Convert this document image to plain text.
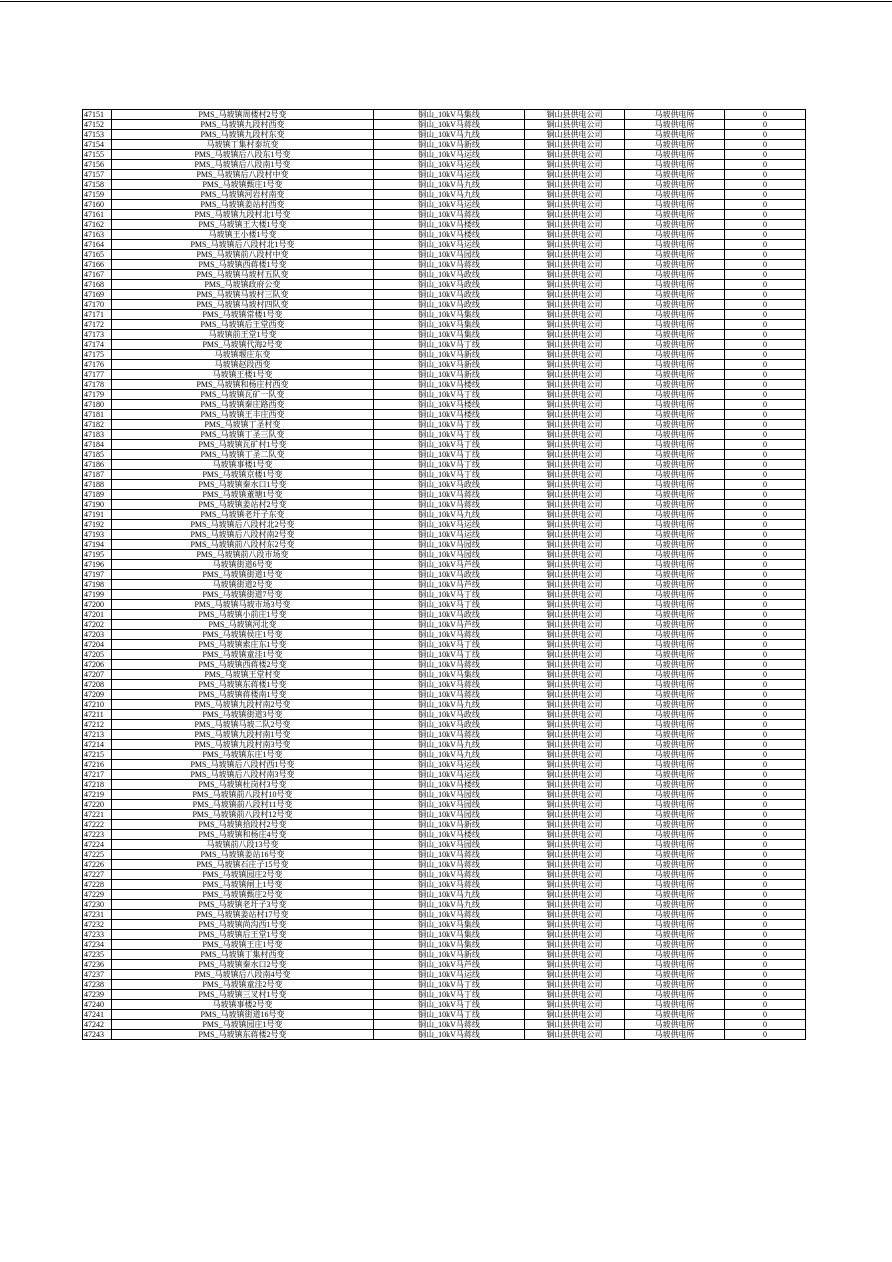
47151	PMS_马坡镇周楼村2号变	铜山_10kV马集线	铜山县供电公司	马坡供电所	0
47152	PMS_马坡镇九段村西变	铜山_10kV马蒋线	铜山县供电公司	马坡供电所	0
47153	PMS_马坡镇九段村东变	铜山_10kV马九线	铜山县供电公司	马坡供电所	0
47154	马坡镇丁集村泰坑变	铜山_10kV马新线	铜山县供电公司	马坡供电所	0
47155	PMS_马坡镇后八段东1号变	铜山_10kV马运线	铜山县供电公司	马坡供电所	0
47156	PMS_马坡镇后八段南1号变	铜山_10kV马运线	铜山县供电公司	马坡供电所	0
47157	PMS_马坡镇后八段村中变	铜山_10kV马运线	铜山县供电公司	马坡供电所	0
47158	PMS_马坡镇甄庄1号变	铜山_10kV马九线	铜山县供电公司	马坡供电所	0
47159	PMS_马坡镇河岩村南变	铜山_10kV马九线	铜山县供电公司	马坡供电所	0
47160	PMS_马坡镇姜站村西变	铜山_10kV马运线	铜山县供电公司	马坡供电所	0
47161	PMS_马坡镇九段村北1号变	铜山_10kV马蒋线	铜山县供电公司	马坡供电所	0
47162	PMS_马坡镇王大楼1号变	铜山_10kV马楼线	铜山县供电公司	马坡供电所	0
47163	马坡镇王小楼1号变	铜山_10kV马楼线	铜山县供电公司	马坡供电所	0
47164	PMS_马坡镇后八段村北1号变	铜山_10kV马运线	铜山县供电公司	马坡供电所	0
47165	PMS_马坡镇前八段村中变	铜山_10kV马园线	铜山县供电公司	马坡供电所	0
47166	PMS_马坡镇西蒋楼1号变	铜山_10kV马蒋线	铜山县供电公司	马坡供电所	0
47167	PMS_马坡镇马坡村五队变	铜山_10kV马政线	铜山县供电公司	马坡供电所	0
47168	PMS_马坡镇政府公变	铜山_10kV马政线	铜山县供电公司	马坡供电所	0
47169	PMS_马坡镇马坡村三队变	铜山_10kV马政线	铜山县供电公司	马坡供电所	0
47170	PMS_马坡镇马坡村四队变	铜山_10kV马政线	铜山县供电公司	马坡供电所	0
47171	PMS_马坡镇常楼1号变	铜山_10kV马集线	铜山县供电公司	马坡供电所	0
47172	PMS_马坡镇后王堂西变	铜山_10kV马集线	铜山县供电公司	马坡供电所	0
47173	马坡镇前王堂1号变	铜山_10kV马集线	铜山县供电公司	马坡供电所	0
47174	PMS_马坡镇代海2号变	铜山_10kV马丁线	铜山县供电公司	马坡供电所	0
47175	马坡镇堰庄东变	铜山_10kV马新线	铜山县供电公司	马坡供电所	0
47176	马坡镇赵段西变	铜山_10kV马新线	铜山县供电公司	马坡供电所	0
47177	马坡镇王楼1号变	铜山_10kV马新线	铜山县供电公司	马坡供电所	0
47178	PMS_马坡镇和杨庄村西变	铜山_10kV马楼线	铜山县供电公司	马坡供电所	0
47179	PMS_马坡镇瓦矿一队变	铜山_10kV马丁线	铜山县供电公司	马坡供电所	0
47180	PMS_马坡镇秦庄路西变	铜山_10kV马楼线	铜山县供电公司	马坡供电所	0
47181	PMS_马坡镇王丰庄西变	铜山_10kV马楼线	铜山县供电公司	马坡供电所	0
47182	PMS_马坡镇丁圣村变	铜山_10kV马丁线	铜山县供电公司	马坡供电所	0
47183	PMS_马坡镇丁圣三队变	铜山_10kV马丁线	铜山县供电公司	马坡供电所	0
47184	PMS_马坡镇瓦矿村1号变	铜山_10kV马丁线	铜山县供电公司	马坡供电所	0
47185	PMS_马坡镇丁圣二队变	铜山_10kV马丁线	铜山县供电公司	马坡供电所	0
47186	马坡镇事楼1号变	铜山_10kV马丁线	铜山县供电公司	马坡供电所	0
47187	PMS_马坡镇京楼1号变	铜山_10kV马丁线	铜山县供电公司	马坡供电所	0
47188	PMS_马坡镇秦水口1号变	铜山_10kV马政线	铜山县供电公司	马坡供电所	0
47189	PMS_马坡镇董塘1号变	铜山_10kV马蒋线	铜山县供电公司	马坡供电所	0
47190	PMS_马坡镇姜站村2号变	铜山_10kV马蒋线	铜山县供电公司	马坡供电所	0
47191	PMS_马坡镇老圩子东变	铜山_10kV马九线	铜山县供电公司	马坡供电所	0
47192	PMS_马坡镇后八段村北2号变	铜山_10kV马运线	铜山县供电公司	马坡供电所	0
47193	PMS_马坡镇后八段村南2号变	铜山_10kV马运线	铜山县供电公司	马坡供电所	0
47194	PMS_马坡镇前八段村东2号变	铜山_10kV马园线	铜山县供电公司	马坡供电所	0
47195	PMS_马坡镇前八段市场变	铜山_10kV马园线	铜山县供电公司	马坡供电所	0
47196	马坡镇街道6号变	铜山_10kV马芦线	铜山县供电公司	马坡供电所	0
47197	PMS_马坡镇街道1号变	铜山_10kV马政线	铜山县供电公司	马坡供电所	0
47198	马坡镇街道2号变	铜山_10kV马芦线	铜山县供电公司	马坡供电所	0
47199	PMS_马坡镇街道7号变	铜山_10kV马丁线	铜山县供电公司	马坡供电所	0
47200	PMS_马坡镇马坡市场3号变	铜山_10kV马丁线	铜山县供电公司	马坡供电所	0
47201	PMS_马坡镇小前庄1号变	铜山_10kV马政线	铜山县供电公司	马坡供电所	0
47202	PMS_马坡镇河北变	铜山_10kV马芦线	铜山县供电公司	马坡供电所	0
47203	PMS_马坡镇侯庄1号变	铜山_10kV马蒋线	铜山县供电公司	马坡供电所	0
47204	PMS_马坡镇索庄东1号变	铜山_10kV马丁线	铜山县供电公司	马坡供电所	0
47205	PMS_马坡镇童洼1号变	铜山_10kV马丁线	铜山县供电公司	马坡供电所	0
47206	PMS_马坡镇西蒋楼2号变	铜山_10kV马蒋线	铜山县供电公司	马坡供电所	0
47207	PMS_马坡镇王堂村变	铜山_10kV马集线	铜山县供电公司	马坡供电所	0
47208	PMS_马坡镇东蒋楼1号变	铜山_10kV马蒋线	铜山县供电公司	马坡供电所	0
47209	PMS_马坡镇蒋楼南1号变	铜山_10kV马蒋线	铜山县供电公司	马坡供电所	0
47210	PMS_马坡镇九段村南2号变	铜山_10kV马九线	铜山县供电公司	马坡供电所	0
47211	PMS_马坡镇街道3号变	铜山_10kV马政线	铜山县供电公司	马坡供电所	0
47212	PMS_马坡镇马坡二队2号变	铜山_10kV马政线	铜山县供电公司	马坡供电所	0
47213	PMS_马坡镇九段村南1号变	铜山_10kV马蒋线	铜山县供电公司	马坡供电所	0
47214	PMS_马坡镇九段村南3号变	铜山_10kV马九线	铜山县供电公司	马坡供电所	0
47215	PMS_马坡镇东庄1号变	铜山_10kV马九线	铜山县供电公司	马坡供电所	0
47216	PMS_马坡镇后八段村西1号变	铜山_10kV马运线	铜山县供电公司	马坡供电所	0
47217	PMS_马坡镇后八段村南3号变	铜山_10kV马运线	铜山县供电公司	马坡供电所	0
47218	PMS_马坡镇杜岗村3号变	铜山_10kV马楼线	铜山县供电公司	马坡供电所	0
47219	PMS_马坡镇前八段村10号变	铜山_10kV马园线	铜山县供电公司	马坡供电所	0
47220	PMS_马坡镇前八段村11号变	铜山_10kV马园线	铜山县供电公司	马坡供电所	0
47221	PMS_马坡镇前八段村12号变	铜山_10kV马园线	铜山县供电公司	马坡供电所	0
47222	PMS_马坡镇拾段村2号变	铜山_10kV马新线	铜山县供电公司	马坡供电所	0
47223	PMS_马坡镇和杨庄4号变	铜山_10kV马楼线	铜山县供电公司	马坡供电所	0
47224	马坡镇前八段13号变	铜山_10kV马园线	铜山县供电公司	马坡供电所	0
47225	PMS_马坡镇姜站16号变	铜山_10kV马蒋线	铜山县供电公司	马坡供电所	0
47226	PMS_马坡镇石庄子15号变	铜山_10kV马蒋线	铜山县供电公司	马坡供电所	0
47227	PMS_马坡镇园庄2号变	铜山_10kV马蒋线	铜山县供电公司	马坡供电所	0
47228	PMS_马坡镇闸上1号变	铜山_10kV马蒋线	铜山县供电公司	马坡供电所	0
47229	PMS_马坡镇甄庄2号变	铜山_10kV马九线	铜山县供电公司	马坡供电所	0
47230	PMS_马坡镇老圩子3号变	铜山_10kV马九线	铜山县供电公司	马坡供电所	0
47231	PMS_马坡镇姜站村17号变	铜山_10kV马蒋线	铜山县供电公司	马坡供电所	0
47232	PMS_马坡镇尚沟西1号变	铜山_10kV马集线	铜山县供电公司	马坡供电所	0
47233	PMS_马坡镇后王堂1号变	铜山_10kV马集线	铜山县供电公司	马坡供电所	0
47234	PMS_马坡镇王庄1号变	铜山_10kV马集线	铜山县供电公司	马坡供电所	0
47235	PMS_马坡镇丁集村西变	铜山_10kV马新线	铜山县供电公司	马坡供电所	0
47236	PMS_马坡镇秦水口2号变	铜山_10kV马芦线	铜山县供电公司	马坡供电所	0
47237	PMS_马坡镇后八段南4号变	铜山_10kV马运线	铜山县供电公司	马坡供电所	0
47238	PMS_马坡镇童洼2号变	铜山_10kV马丁线	铜山县供电公司	马坡供电所	0
47239	PMS_马坡镇三叉村1号变	铜山_10kV马丁线	铜山县供电公司	马坡供电所	0
47240	马坡镇事楼2号变	铜山_10kV马丁线	铜山县供电公司	马坡供电所	0
47241	PMS_马坡镇街道16号变	铜山_10kV马丁线	铜山县供电公司	马坡供电所	0
47242	PMS_马坡镇园庄1号变	铜山_10kV马蒋线	铜山县供电公司	马坡供电所	0
47243	PMS_马坡镇东蒋楼2号变	铜山_10kV马蒋线	铜山县供电公司	马坡供电所	0
